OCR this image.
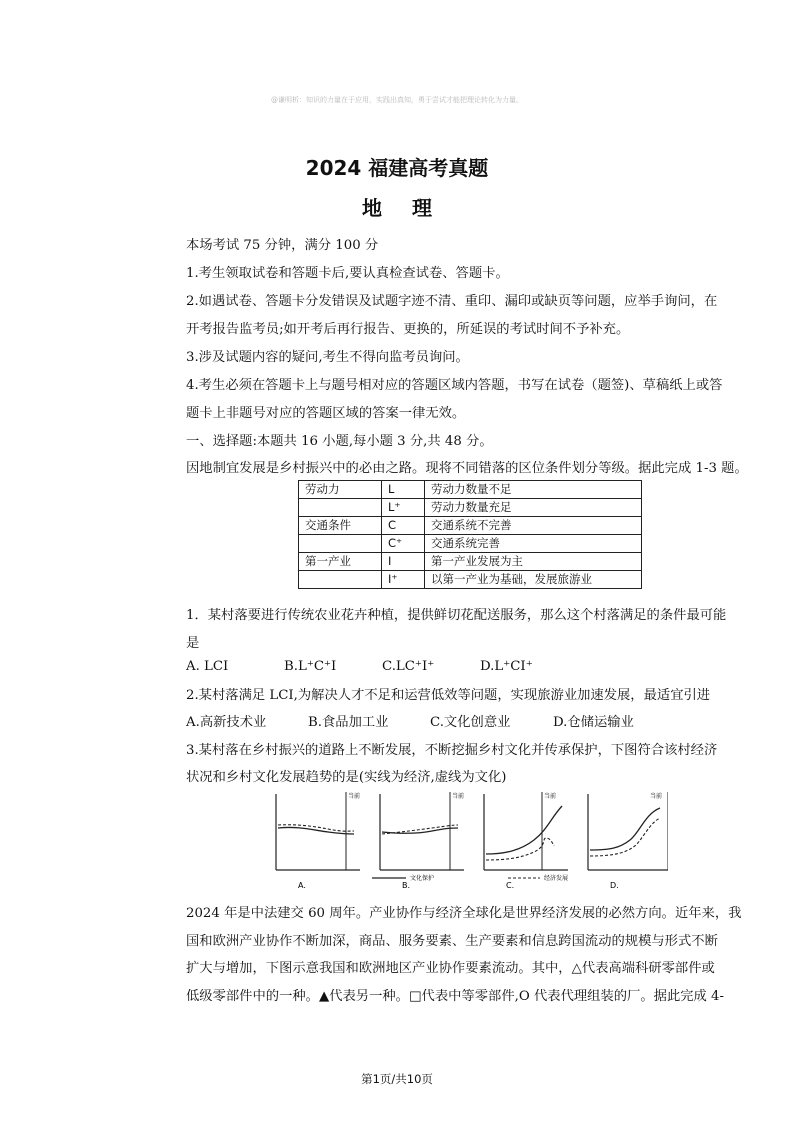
@谦明析：知识的力量在于应用，实践出真知，勇于尝试才能把理论转化为力量。
2024 福建高考真题
地理
本场考试 75 分钟，满分 100 分
1.考生领取试卷和答题卡后,要认真检查试卷、答题卡。
2.如遇试卷、答题卡分发错误及试题字迹不清、重印、漏印或缺页等问题，应举手询问，在
开考报告监考员;如开考后再行报告、更换的，所延误的考试时间不予补充。
3.涉及试题内容的疑问,考生不得向监考员询问。
4.考生必须在答题卡上与题号相对应的答题区域内答题，书写在试卷（题签)、草稿纸上或答
题卡上非题号对应的答题区域的答案一律无效。
一、选择题:本题共 16 小题,每小题 3 分,共 48 分。
因地制宜发展是乡村振兴中的必由之路。现将不同错落的区位条件划分等级。据此完成 1-3 题。
劳动力	L	劳动力数量不足
	L⁺	劳动力数量充足
交通条件	C	交通系统不完善
	C⁺	交通系统完善
第一产业	I	第一产业发展为主
	I⁺	以第一产业为基础，发展旅游业
1．某村落要进行传统农业花卉种植，提供鲜切花配送服务，那么这个村落满足的条件最可能
是
A. LCI	B.L⁺C⁺I	C.LC⁺I⁺	D.L⁺CI⁺
2.某村落满足 LCI,为解决人才不足和运营低效等问题，实现旅游业加速发展，最适宜引进
A.高新技术业	B.食品加工业	C.文化创意业	D.仓储运输业
3.某村落在乡村振兴的道路上不断发展，不断挖掘乡村文化并传承保护，下图符合该村经济
状况和乡村文化发展趋势的是(实线为经济,虚线为文化)
当前
A.
当前
B.
当前
C.
当前
D.
文化保护	经济发展
2024 年是中法建交 60 周年。产业协作与经济全球化是世界经济发展的必然方向。近年来，我
国和欧洲产业协作不断加深，商品、服务要素、生产要素和信息跨国流动的规模与形式不断
扩大与增加，下图示意我国和欧洲地区产业协作要素流动。其中，△代表高端科研零部件或
低级零部件中的一种。▲代表另一种。□代表中等零部件,O 代表代理组装的厂。据此完成 4-
第1页/共10页
